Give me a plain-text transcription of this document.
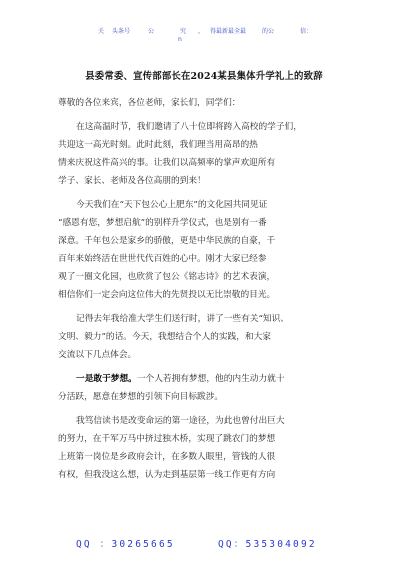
关 头条号	公	究 ， 得最新最全最	的公	信：
n
县委常委、宣传部部长在2024某县集体升学礼上的致辞
尊敬的各位来宾，各位老师，家长们，同学们：
在这高温时节，我们邀请了八十位即将跨入高校的学子们，
共迎这一高光时刻。此时此刻，我们理当用高昂的热
情来庆祝这件高兴的事。让我们以高频率的掌声欢迎所有
学子、家长、老师及各位高朋的到来！
今天我们在“天下包公心上肥东”的文化园共同见证
“感恩有您，梦想启航”的别样升学仪式，也是别有一番
深意。千年包公是家乡的骄傲，更是中华民族的自豪，千
百年来始终活在世世代代百姓的心中。刚才大家已经参
观了一圈文化园，也欣赏了包公《铭志诗》的艺术表演，
相信你们一定会向这位伟大的先贤投以无比崇敬的目光。
记得去年我给准大学生们送行时，讲了一些有关“知识、
文明、毅力”的话。今天，我想结合个人的实践，和大家
交流以下几点体会。
一是敢于梦想。一个人若拥有梦想，他的内生动力就十
分活跃，愿意在梦想的引领下向目标跋涉。
我笃信读书是改变命运的第一途径，为此也曾付出巨大
的努力，在千军万马中挤过独木桥，实现了跳农门的梦想
上班第一岗位是乡政府会计，在多数人眼里，管钱的人很
有权，但我没这么想，认为走到基层第一线工作更有方向
QQ ：30265665	QQ：535304092
